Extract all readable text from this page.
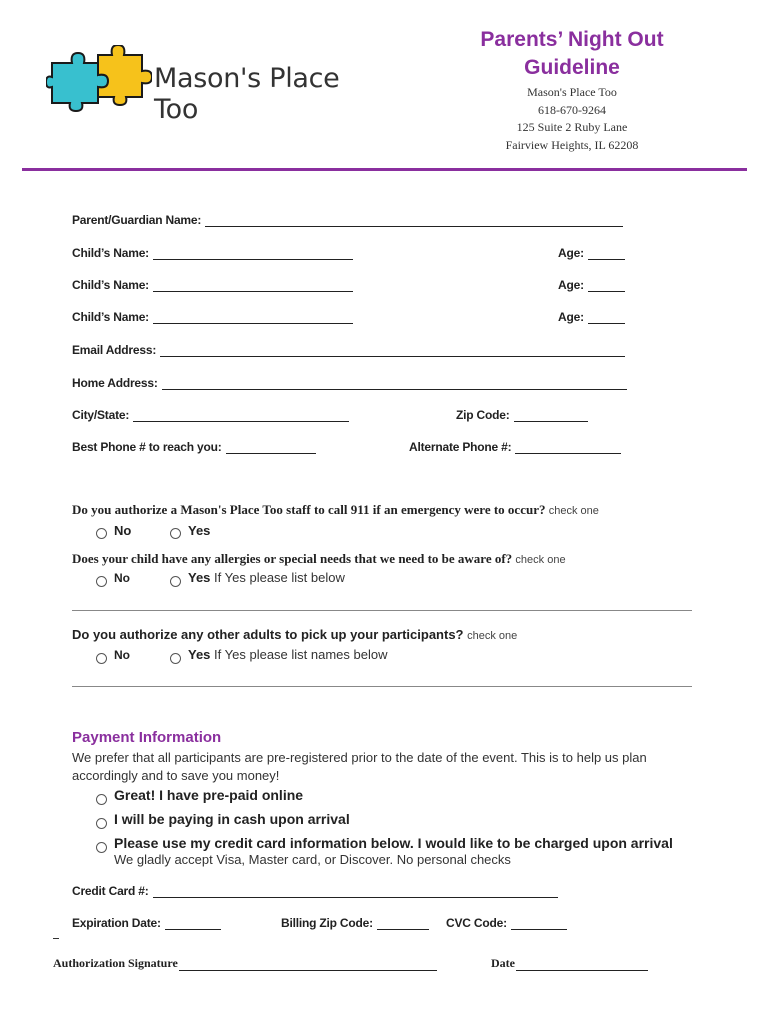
Mason's Place Too
Parents’ Night Out
Guideline
Mason's Place Too
618-670-9264
125 Suite 2 Ruby Lane
Fairview Heights, IL 62208
Parent/Guardian Name:
Child’s Name:	Age:
Child’s Name:	Age:
Child’s Name:	Age:
Email Address:
Home Address:
City/State:	Zip Code:
Best Phone # to reach you:	Alternate Phone #:
Do you authorize a Mason's Place Too staff to call 911 if an emergency were to occur? check one
No	Yes
Does your child have any allergies or special needs that we need to be aware of? check one
No	Yes If Yes please list below
Do you authorize any other adults to pick up your participants? check one
No	Yes If Yes please list names below
Payment Information
We prefer that all participants are pre-registered prior to the date of the event. This is to help us plan accordingly and to save you money!
Great! I have pre-paid online
I will be paying in cash upon arrival
Please use my credit card information below. I would like to be charged upon arrival
We gladly accept Visa, Master card, or Discover. No personal checks
Credit Card #:
Expiration Date:	Billing Zip Code:	CVC Code:
Authorization Signature	Date
